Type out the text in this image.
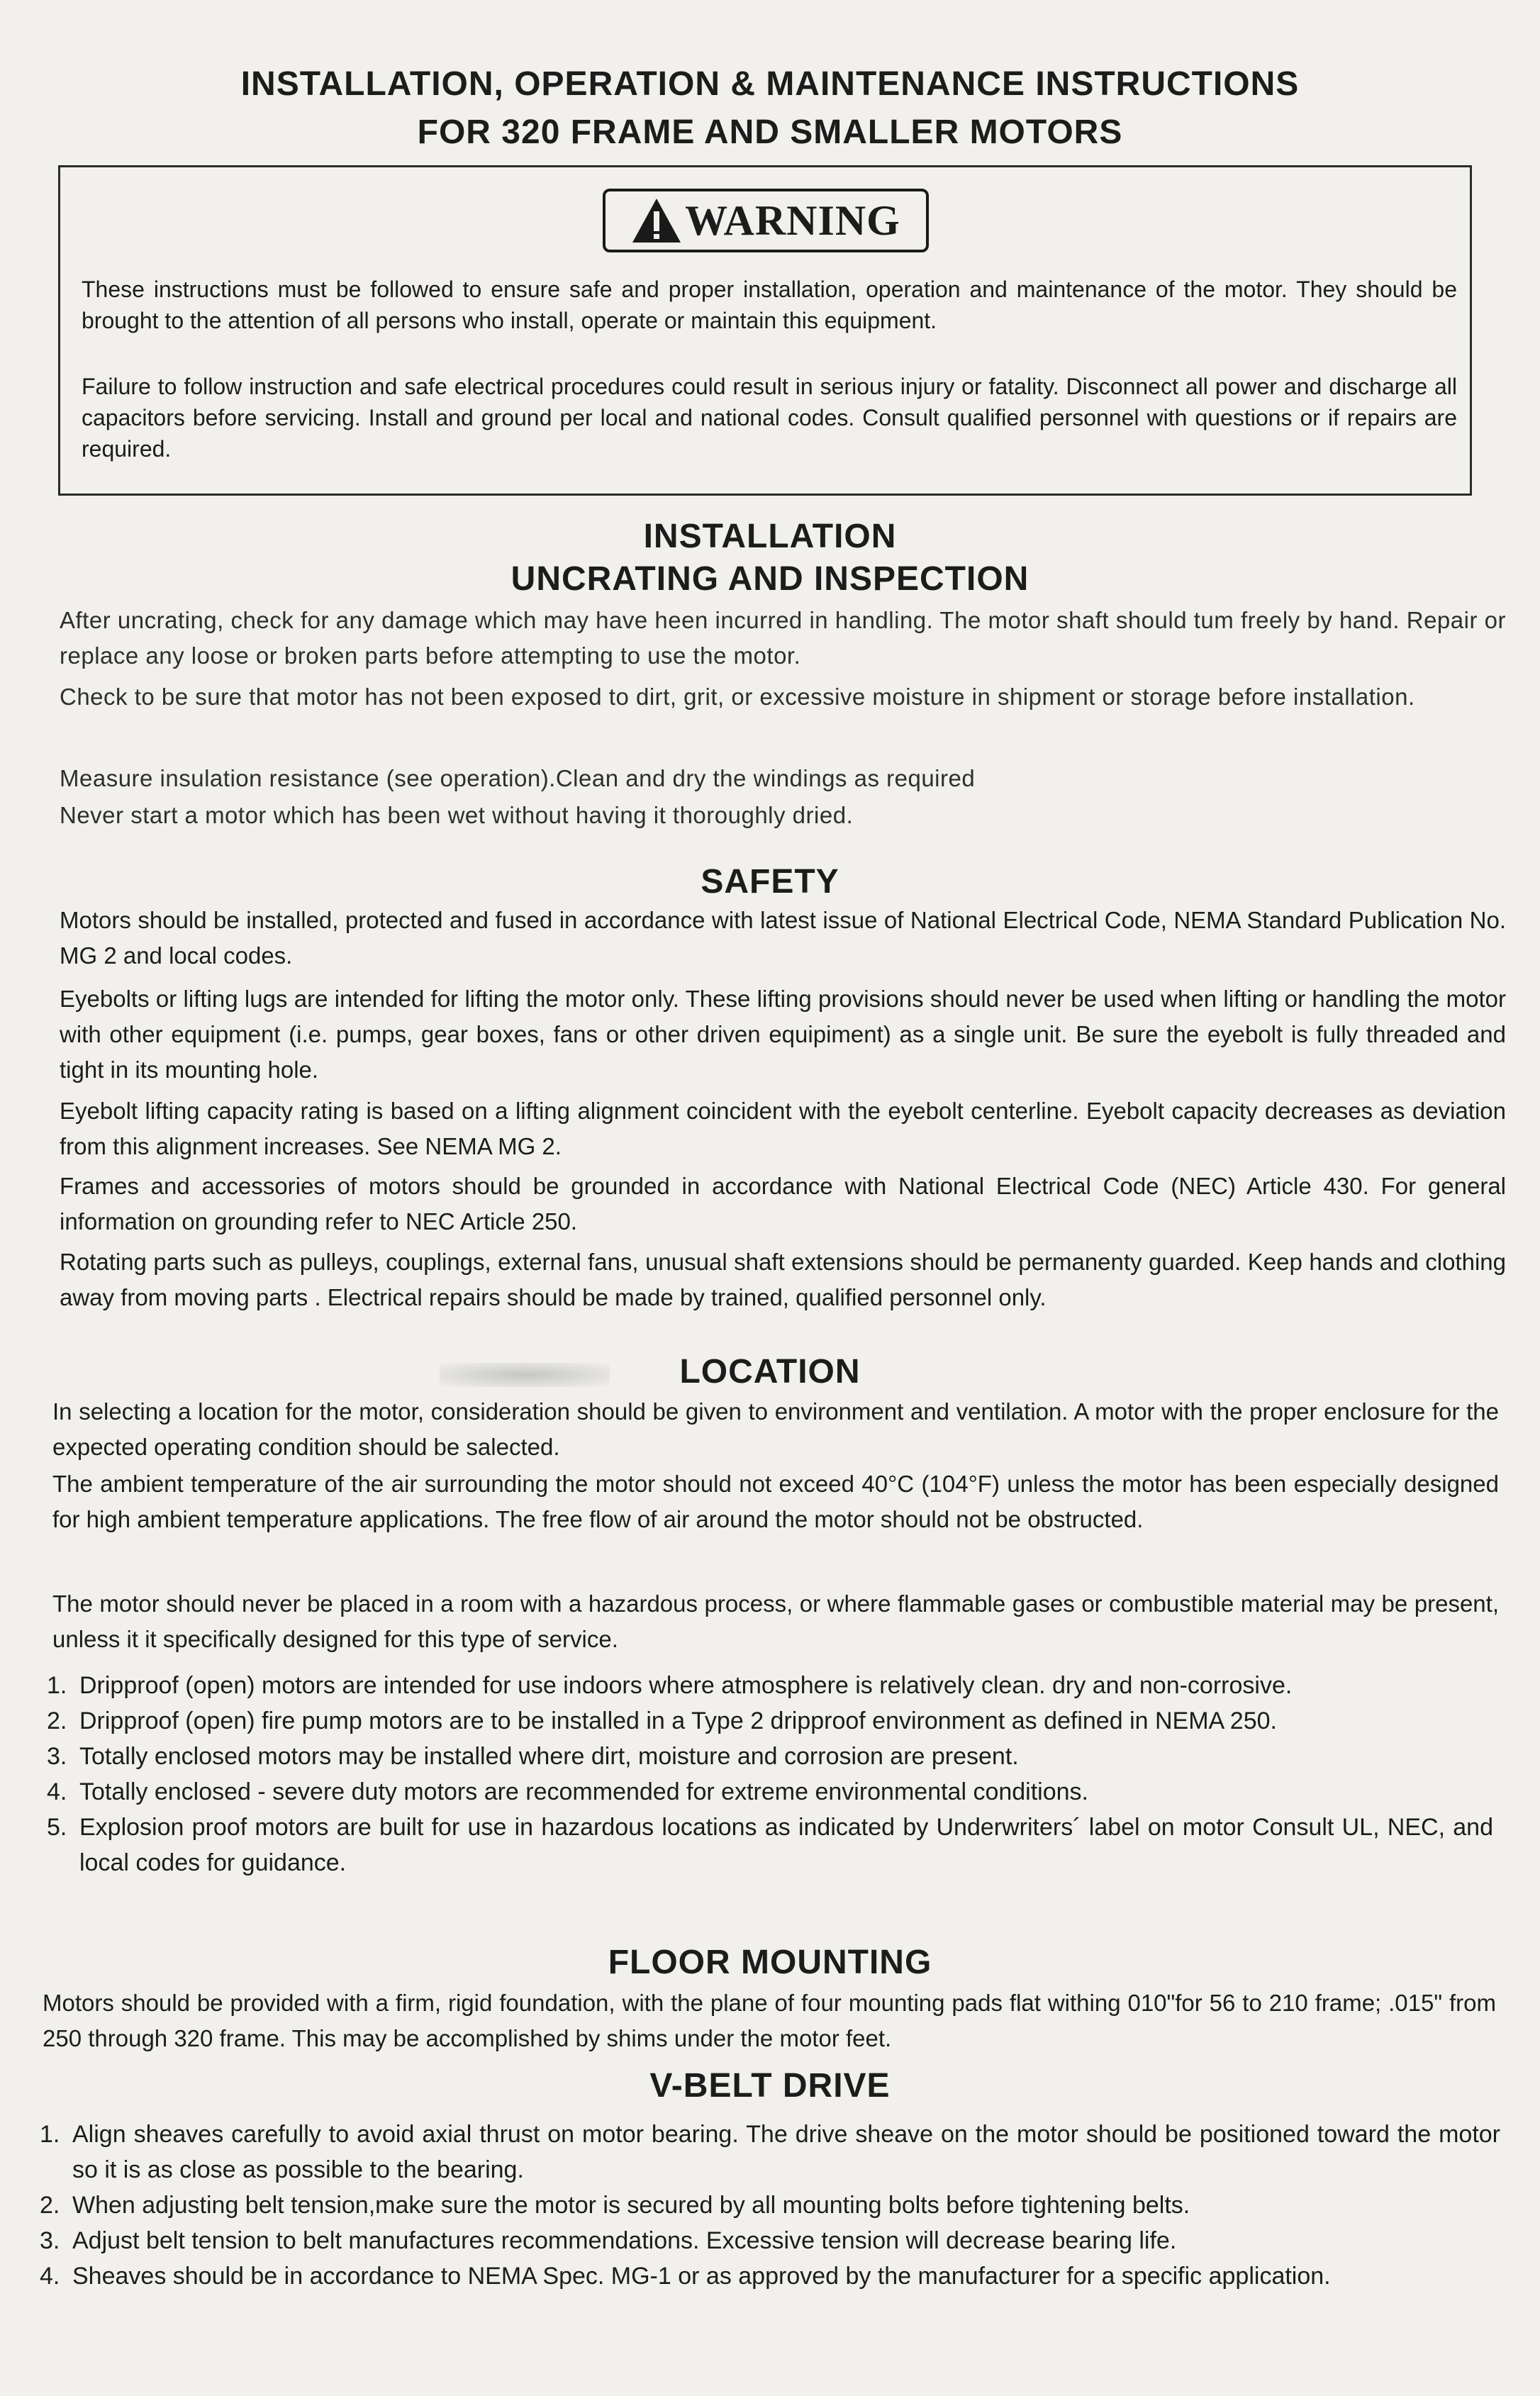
INSTALLATION, OPERATION & MAINTENANCE INSTRUCTIONS
FOR 320 FRAME AND SMALLER MOTORS
WARNING
These instructions must be followed to ensure safe and proper installation, operation and maintenance of the motor. They should be brought to the attention of all persons who install, operate or maintain this equipment.
Failure to follow instruction and safe electrical procedures could result in serious injury or fatality. Disconnect all power and discharge all capacitors before servicing. Install and ground per local and national codes. Consult qualified personnel with questions or if repairs are required.
INSTALLATION
UNCRATING AND INSPECTION
After uncrating, check for any damage which may have heen incurred in handling. The motor shaft should tum freely by hand. Repair or replace any loose or broken parts before attempting to use the motor.
Check to be sure that motor has not been exposed to dirt, grit, or excessive moisture in shipment or storage before installation.
Measure insulation resistance (see operation).Clean and dry the windings as required
Never start a motor which has been wet without having it thoroughly dried.
SAFETY
Motors should be installed, protected and fused in accordance with latest issue of National Electrical Code, NEMA Standard Publication No. MG 2 and local codes.
Eyebolts or lifting lugs are intended for lifting the motor only. These lifting provisions should never be used when lifting or handling the motor with other equipment (i.e. pumps, gear boxes, fans or other driven equipiment) as a single unit. Be sure the eyebolt is fully threaded and tight in its mounting hole.
Eyebolt lifting capacity rating is based on a lifting alignment coincident with the eyebolt centerline. Eyebolt capacity decreases as deviation from this alignment increases. See NEMA MG 2.
Frames and accessories of motors should be grounded in accordance with National Electrical Code (NEC) Article 430. For general information on grounding refer to NEC Article 250.
Rotating parts such as pulleys, couplings, external fans, unusual shaft extensions should be permanenty guarded. Keep hands and clothing away from moving parts . Electrical repairs should be made by trained, qualified personnel only.
LOCATION
In selecting a location for the motor, consideration should be given to environment and ventilation. A motor with the proper enclosure for the expected operating condition should be salected.
The ambient temperature of the air surrounding the motor should not exceed 40°C (104°F) unless the motor has been especially designed for high ambient temperature applications. The free flow of air around the motor should not be obstructed.
The motor should never be placed in a room with a hazardous process, or where flammable gases or combustible material may be present, unless it it specifically designed for this type of service.
1. Dripproof (open) motors are intended for use indoors where atmosphere is relatively clean. dry and non-corrosive.
2. Dripproof (open) fire pump motors are to be installed in a Type 2 dripproof environment as defined in NEMA 250.
3. Totally enclosed motors may be installed where dirt, moisture and corrosion are present.
4. Totally enclosed - severe duty motors are recommended for extreme environmental conditions.
5. Explosion proof motors are built for use in hazardous locations as indicated by Underwriters´ label on motor Consult UL, NEC, and local codes for guidance.
FLOOR MOUNTING
Motors should be provided with a firm, rigid foundation, with the plane of four mounting pads flat withing 010"for 56 to 210 frame; .015" from 250 through 320 frame. This may be accomplished by shims under the motor feet.
V-BELT DRIVE
1. Align sheaves carefully to avoid axial thrust on motor bearing. The drive sheave on the motor should be positioned toward the motor so it is as close as possible to the bearing.
2. When adjusting belt tension,make sure the motor is secured by all mounting bolts before tightening belts.
3. Adjust belt tension to belt manufactures recommendations. Excessive tension will decrease bearing life.
4. Sheaves should be in accordance to NEMA Spec. MG-1 or as approved by the manufacturer for a specific application.
